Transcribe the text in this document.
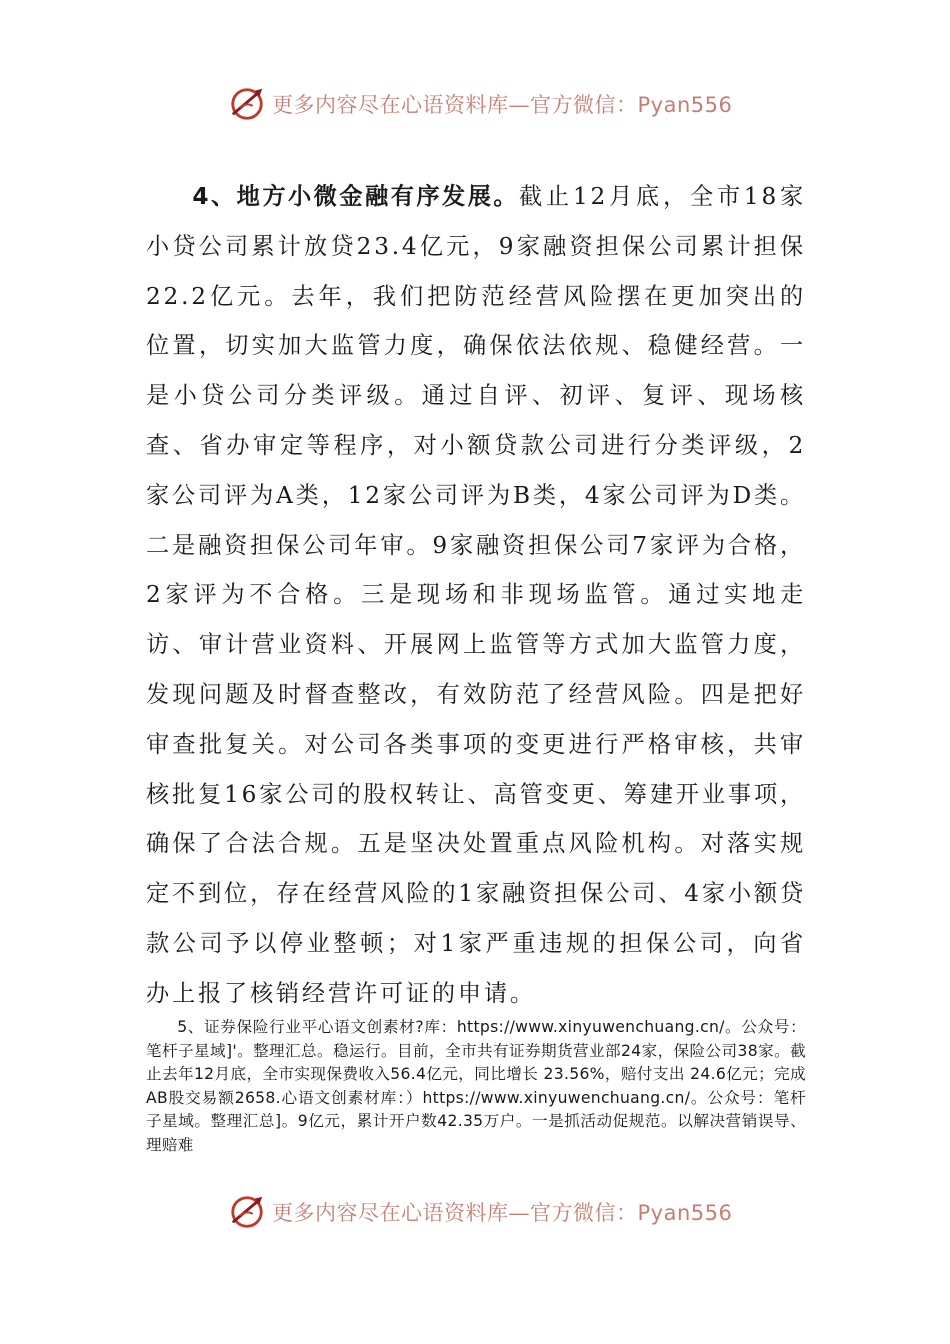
更多内容尽在心语资料库—官方微信：Pyan556

4、地方小微金融有序发展。截止12月底，全市18家小贷公司累计放贷23.4亿元，9家融资担保公司累计担保22.2亿元。去年，我们把防范经营风险摆在更加突出的位置，切实加大监管力度，确保依法依规、稳健经营。一是小贷公司分类评级。通过自评、初评、复评、现场核查、省办审定等程序，对小额贷款公司进行分类评级，2家公司评为A类，12家公司评为B类，4家公司评为D类。二是融资担保公司年审。9家融资担保公司7家评为合格，2家评为不合格。三是现场和非现场监管。通过实地走访、审计营业资料、开展网上监管等方式加大监管力度，发现问题及时督查整改，有效防范了经营风险。四是把好审查批复关。对公司各类事项的变更进行严格审核，共审核批复16家公司的股权转让、高管变更、筹建开业事项，确保了合法合规。五是坚决处置重点风险机构。对落实规定不到位，存在经营风险的1家融资担保公司、4家小额贷款公司予以停业整顿；对1家严重违规的担保公司，向省办上报了核销经营许可证的申请。

5、证券保险行业平心语文创素材?库：https://www.xinyuwenchuang.cn/。公众号：笔杆子星域]'。整理汇总。稳运行。目前，全市共有证券期货营业部24家，保险公司38家。截止去年12月底，全市实现保费收入56.4亿元，同比增长 23.56%，赔付支出 24.6亿元；完成AB股交易额2658.心语文创素材库：）https://www.xinyuwenchuang.cn/。公众号：笔杆子星域。整理汇总]。9亿元，累计开户数42.35万户。一是抓活动促规范。以解决营销误导、理赔难

更多内容尽在心语资料库—官方微信：Pyan556
